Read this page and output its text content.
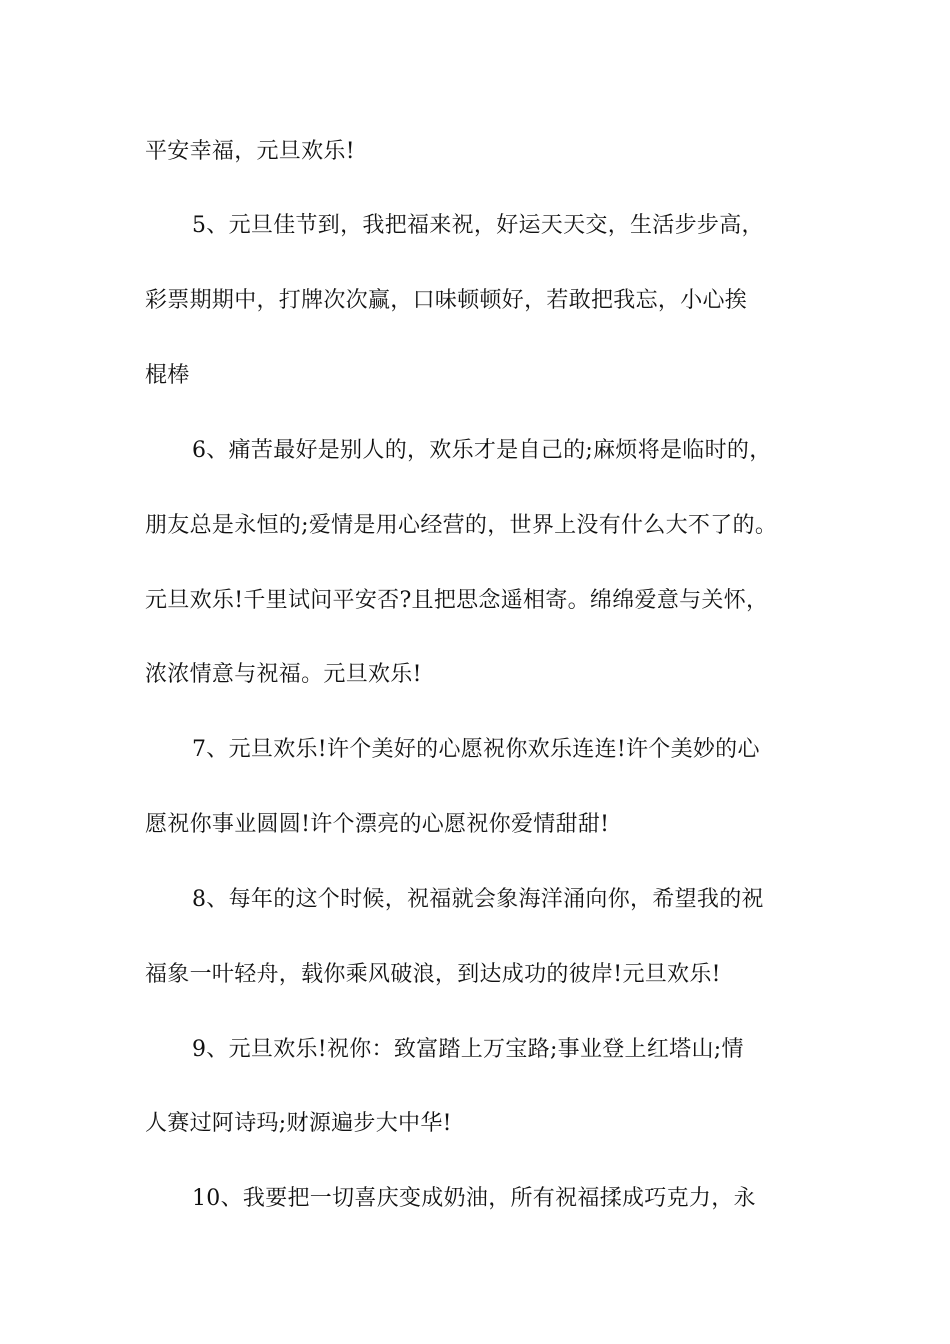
平安幸福，元旦欢乐!
5、元旦佳节到，我把福来祝，好运天天交，生活步步高，
彩票期期中，打牌次次赢，口味顿顿好，若敢把我忘，小心挨
棍棒
6、痛苦最好是别人的，欢乐才是自己的;麻烦将是临时的，
朋友总是永恒的;爱情是用心经营的，世界上没有什么大不了的。
元旦欢乐!千里试问平安否?且把思念遥相寄。绵绵爱意与关怀，
浓浓情意与祝福。元旦欢乐!
7、元旦欢乐!许个美好的心愿祝你欢乐连连!许个美妙的心
愿祝你事业圆圆!许个漂亮的心愿祝你爱情甜甜!
8、每年的这个时候，祝福就会象海洋涌向你，希望我的祝
福象一叶轻舟，载你乘风破浪，到达成功的彼岸!元旦欢乐!
9、元旦欢乐!祝你：致富踏上万宝路;事业登上红塔山;情
人赛过阿诗玛;财源遍步大中华!
10、我要把一切喜庆变成奶油，所有祝福揉成巧克力，永
